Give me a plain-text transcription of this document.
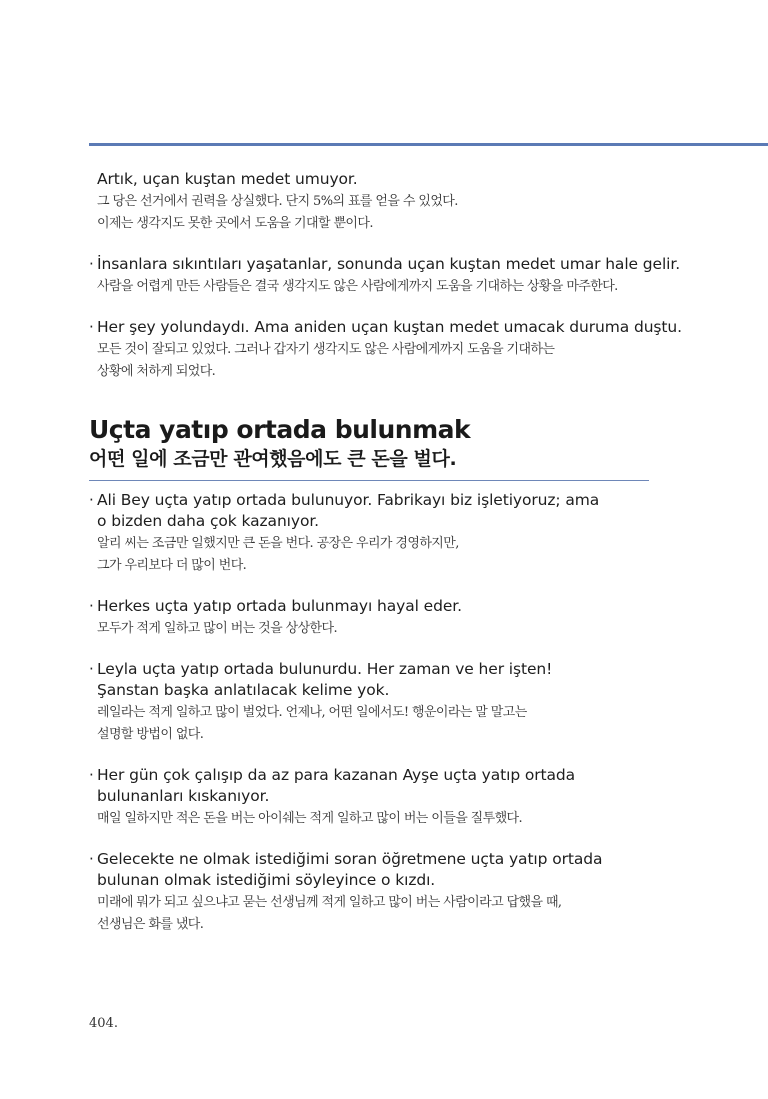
Artık, uçan kuştan medet umuyor.
그 당은 선거에서 권력을 상실했다. 단지 5%의 표를 얻을 수 있었다.
이제는 생각지도 못한 곳에서 도움을 기대할 뿐이다.
· İnsanlara sıkıntıları yaşatanlar, sonunda uçan kuştan medet umar hale gelir.
사람을 어렵게 만든 사람들은 결국 생각지도 않은 사람에게까지 도움을 기대하는 상황을 마주한다.
· Her şey yolundaydı. Ama aniden uçan kuştan medet umacak duruma duştu.
모든 것이 잘되고 있었다. 그러나 갑자기 생각지도 않은 사람에게까지 도움을 기대하는
상황에 처하게 되었다.
Uçta yatıp ortada bulunmak
어떤 일에 조금만 관여했음에도 큰 돈을 벌다.
· Ali Bey uçta yatıp ortada bulunuyor. Fabrikayı biz işletiyoruz; ama
o bizden daha çok kazanıyor.
알리 씨는 조금만 일했지만 큰 돈을 번다. 공장은 우리가 경영하지만,
그가 우리보다 더 많이 번다.
· Herkes uçta yatıp ortada bulunmayı hayal eder.
모두가 적게 일하고 많이 버는 것을 상상한다.
· Leyla uçta yatıp ortada bulunurdu. Her zaman ve her işten!
Şanstan başka anlatılacak kelime yok.
레일라는 적게 일하고 많이 벌었다. 언제나, 어떤 일에서도! 행운이라는 말 말고는
설명할 방법이 없다.
· Her gün çok çalışıp da az para kazanan Ayşe uçta yatıp ortada
bulunanları kıskanıyor.
매일 일하지만 적은 돈을 버는 아이쉐는 적게 일하고 많이 버는 이들을 질투했다.
· Gelecekte ne olmak istediğimi soran öğretmene uçta yatıp ortada
bulunan olmak istediğimi söyleyince o kızdı.
미래에 뭐가 되고 싶으냐고 묻는 선생님께 적게 일하고 많이 버는 사람이라고 답했을 때,
선생님은 화를 냈다.
404.
